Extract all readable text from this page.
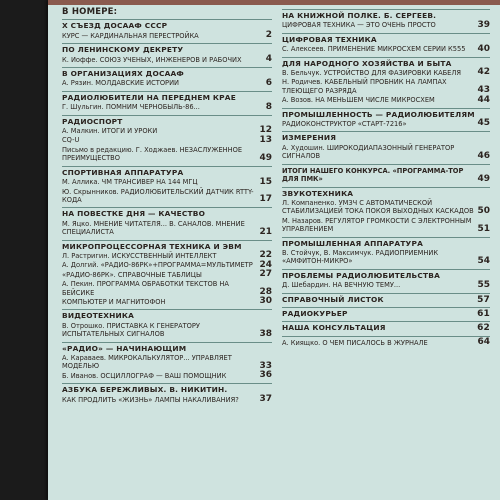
В НОМЕРЕ:
Х СЪЕЗД ДОСААФ СССР
КУРС — КАРДИНАЛЬНАЯ ПЕРЕСТРОЙКА	2
ПО ЛЕНИНСКОМУ ДЕКРЕТУ
К. Иоффе. СОЮЗ УЧЕНЫХ, ИНЖЕНЕРОВ И РАБОЧИХ	4
В ОРГАНИЗАЦИЯХ ДОСААФ
А. Рязин. МОЛДАВСКИЕ ИСТОРИИ	6
РАДИОЛЮБИТЕЛИ НА ПЕРЕДНЕМ КРАЕ
Г. Шульгин. ПОМНИМ ЧЕРНОБЫЛЬ-86...	8
РАДИОСПОРТ
А. Малкин. ИТОГИ И УРОКИ	12
CQ-U	13
Письмо в редакцию. Г. Ходжаев. НЕЗАСЛУЖЕННОЕ ПРЕИМУЩЕСТВО	49
СПОРТИВНАЯ АППАРАТУРА
М. Аллика. ЧМ ТРАНСИВЕР НА 144 МГЦ	15
Ю. Скрынников. РАДИОЛЮБИТЕЛЬСКИЙ ДАТЧИК RTTY-КОДА	17
НА ПОВЕСТКЕ ДНЯ — КАЧЕСТВО
М. Яцко. МНЕНИЕ ЧИТАТЕЛЯ... В. САНАЛОВ. МНЕНИЕ СПЕЦИАЛИСТА	21
МИКРОПРОЦЕССОРНАЯ ТЕХНИКА И ЭВМ
Л. Растригин. ИСКУССТВЕННЫЙ ИНТЕЛЛЕКТ	22
А. Долгий. «РАДИО-86РК»+ПРОГРАММА=МУЛЬТИМЕТР 24
«РАДИО-86РК». СПРАВОЧНЫЕ ТАБЛИЦЫ	27
А. Пекин. ПРОГРАММА ОБРАБОТКИ ТЕКСТОВ НА БЕЙСИКЕ	28
КОМПЬЮТЕР И МАГНИТОФОН	30
ВИДЕОТЕХНИКА
В. Отрошко. ПРИСТАВКА К ГЕНЕРАТОРУ ИСПЫТАТЕЛЬНЫХ СИГНАЛОВ	38
«РАДИО» — НАЧИНАЮЩИМ
А. Караваев. МИКРОКАЛЬКУЛЯТОР... УПРАВЛЯЕТ МОДЕЛЬЮ	33
Б. Иванов. ОСЦИЛЛОГРАФ — ВАШ ПОМОЩНИК	36
АЗБУКА БЕРЕЖЛИВЫХ. В. НИКИТИН.
КАК ПРОДЛИТЬ «ЖИЗНЬ» ЛАМПЫ НАКАЛИВАНИЯ? 37
НА КНИЖНОЙ ПОЛКЕ. Б. СЕРГЕЕВ.
ЦИФРОВАЯ ТЕХНИКА — ЭТО ОЧЕНЬ ПРОСТО	39
ЦИФРОВАЯ ТЕХНИКА
С. Алексеев. ПРИМЕНЕНИЕ МИКРОСХЕМ СЕРИИ К555 40
ДЛЯ НАРОДНОГО ХОЗЯЙСТВА И БЫТА
В. Бельчук. УСТРОЙСТВО ДЛЯ ФАЗИРОВКИ КАБЕЛЯ 42
Н. Родичев. КАБЕЛЬНЫЙ ПРОБНИК НА ЛАМПАХ ТЛЕЮЩЕГО РАЗРЯДА	43
А. Возов. НА МЕНЬШЕМ ЧИСЛЕ МИКРОСХЕМ	44
ПРОМЫШЛЕННОСТЬ — РАДИОЛЮБИТЕЛЯМ
РАДИОКОНСТРУКТОР «СТАРТ-7216»	45
ИЗМЕРЕНИЯ
А. Худошин. ШИРОКОДИАПАЗОННЫЙ ГЕНЕРАТОР СИГНАЛОВ	46
ИТОГИ НАШЕГО КОНКУРСА. «ПРОГРАММА-ТОР ДЛЯ ПМК»	49
ЗВУКОТЕХНИКА
Л. Компаненко. УМЗЧ С АВТОМАТИЧЕСКОЙ СТАБИЛИЗАЦИЕЙ ТОКА ПОКОЯ ВЫХОДНЫХ КАСКАДОВ 50
М. Назаров. РЕГУЛЯТОР ГРОМКОСТИ С ЭЛЕКТРОННЫМ УПРАВЛЕНИЕМ	51
ПРОМЫШЛЕННАЯ АППАРАТУРА
В. Стойчук, В. Максимчук. РАДИОПРИЕМНИК «АМФИТОН-МИКРО»	54
ПРОБЛЕМЫ РАДИОЛЮБИТЕЛЬСТВА
Д. Шебардин. НА ВЕЧНУЮ ТЕМУ...	55
СПРАВОЧНЫЙ ЛИСТОК	57
РАДИОКУРЬЕР	61
НАША КОНСУЛЬТАЦИЯ	62
А. Киящко. О ЧЕМ ПИСАЛОСЬ В ЖУРНАЛЕ	64
